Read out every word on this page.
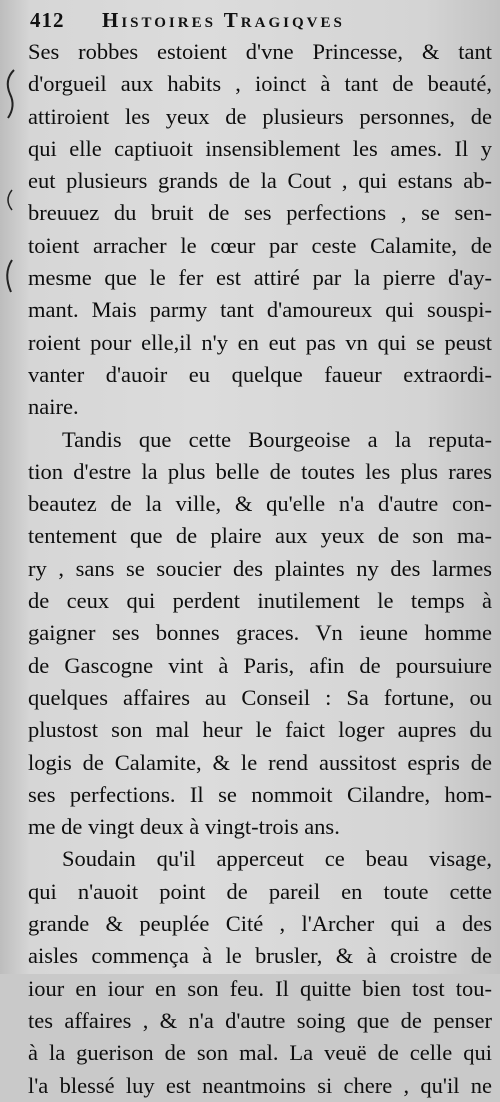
412 Histoires Tragiqves
Ses robbes estoient d'vne Princesse, & tant
d'orgueil aux habits , ioinct à tant de beauté,
attiroient les yeux de plusieurs personnes, de
qui elle captiuoit insensiblement les ames. Il y
eut plusieurs grands de la Cout , qui estans ab-
breuuez du bruit de ses perfections , se sen-
toient arracher le cœur par ceste Calamite, de
mesme que le fer est attiré par la pierre d'ay-
mant. Mais parmy tant d'amoureux qui souspi-
roient pour elle,il n'y en eut pas vn qui se peust
vanter d'auoir eu quelque faueur extraordi-
naire.
Tandis que cette Bourgeoise a la reputa-
tion d'estre la plus belle de toutes les plus rares
beautez de la ville, & qu'elle n'a d'autre con-
tentement que de plaire aux yeux de son ma-
ry , sans se soucier des plaintes ny des larmes
de ceux qui perdent inutilement le temps à
gaigner ses bonnes graces. Vn ieune homme
de Gascogne vint à Paris, afin de poursuiure
quelques affaires au Conseil : Sa fortune, ou
plustost son mal heur le faict loger aupres du
logis de Calamite, & le rend aussitost espris de
ses perfections. Il se nommoit Cilandre, hom-
me de vingt deux à vingt-trois ans.
Soudain qu'il apperceut ce beau visage,
qui n'auoit point de pareil en toute cette
grande & peuplée Cité , l'Archer qui a des
aisles commença à le brusler, & à croistre de
iour en iour en son feu. Il quitte bien tost tou-
tes affaires , & n'a d'autre soing que de penser
à la guerison de son mal. La veuë de celle qui
l'a blessé luy est neantmoins si chere , qu'il ne
